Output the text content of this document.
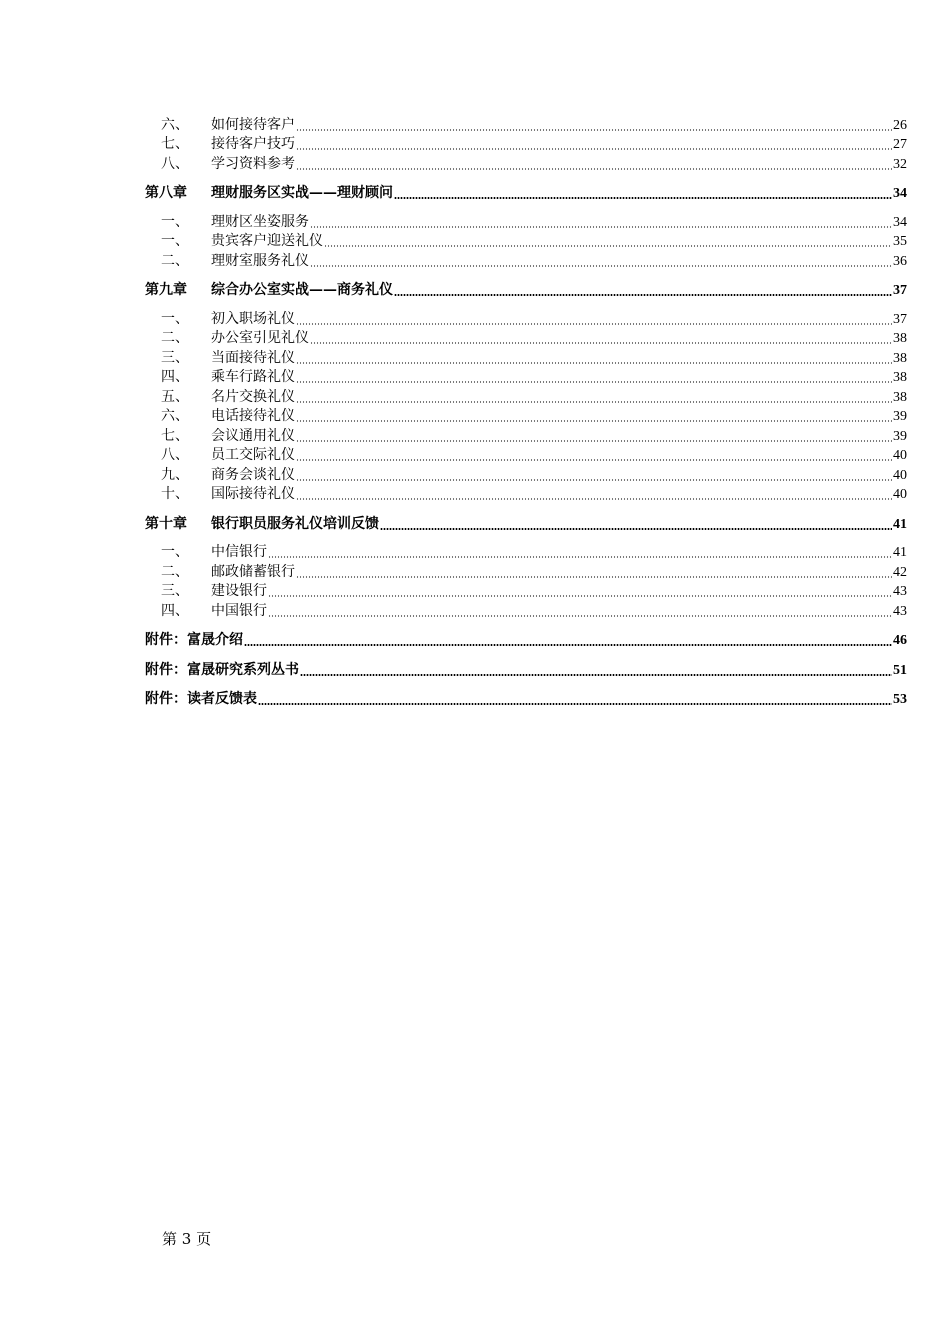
六、	如何接待客户	26
七、	接待客户技巧	27
八、	学习资料参考	32
第八章	理财服务区实战——理财顾问	34
一、	理财区坐姿服务	34
一、	贵宾客户迎送礼仪	35
二、	理财室服务礼仪	36
第九章	综合办公室实战——商务礼仪	37
一、	初入职场礼仪	37
二、	办公室引见礼仪	38
三、	当面接待礼仪	38
四、	乘车行路礼仪	38
五、	名片交换礼仪	38
六、	电话接待礼仪	39
七、	会议通用礼仪	39
八、	员工交际礼仪	40
九、	商务会谈礼仪	40
十、	国际接待礼仪	40
第十章	银行职员服务礼仪培训反馈	41
一、	中信银行	41
二、	邮政储蓄银行	42
三、	建设银行	43
四、	中国银行	43
附件：富晟介绍	46
附件：富晟研究系列丛书	51
附件：读者反馈表	53
第 3 页
